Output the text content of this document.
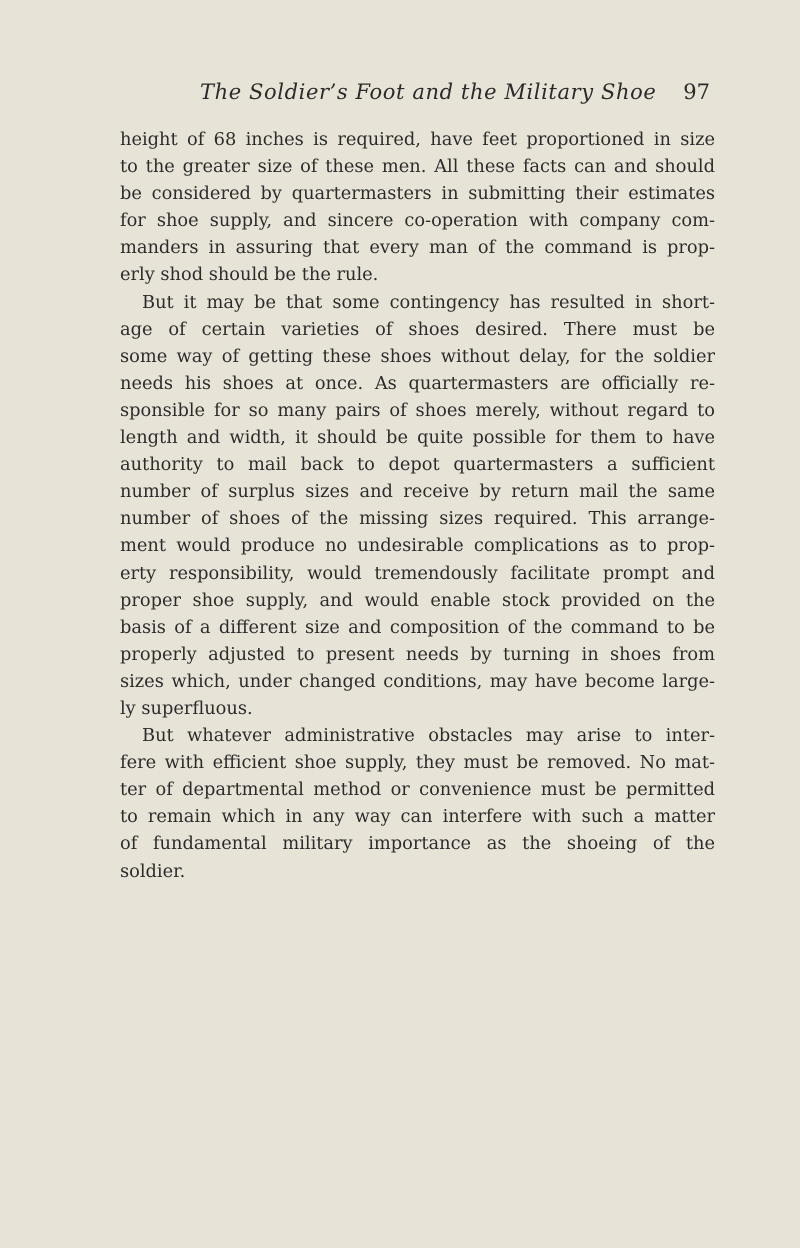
The Soldier’s Foot and the Military Shoe 97

height of 68 inches is required, have feet proportioned in size
to the greater size of these men. All these facts can and should
be considered by quartermasters in submitting their estimates
for shoe supply, and sincere co-operation with company com-
manders in assuring that every man of the command is prop-
erly shod should be the rule.

But it may be that some contingency has resulted in short-
age of certain varieties of shoes desired. There must be
some way of getting these shoes without delay, for the soldier
needs his shoes at once. As quartermasters are officially re-
sponsible for so many pairs of shoes merely, without regard to
length and width, it should be quite possible for them to have
authority to mail back to depot quartermasters a sufficient
number of surplus sizes and receive by return mail the same
number of shoes of the missing sizes required. This arrange-
ment would produce no undesirable complications as to prop-
erty responsibility, would tremendously facilitate prompt and
proper shoe supply, and would enable stock provided on the
basis of a different size and composition of the command to be
properly adjusted to present needs by turning in shoes from
sizes which, under changed conditions, may have become large-
ly superfluous.

But whatever administrative obstacles may arise to inter-
fere with efficient shoe supply, they must be removed. No mat-
ter of departmental method or convenience must be permitted
to remain which in any way can interfere with such a matter
of fundamental military importance as the shoeing of the
soldier.
